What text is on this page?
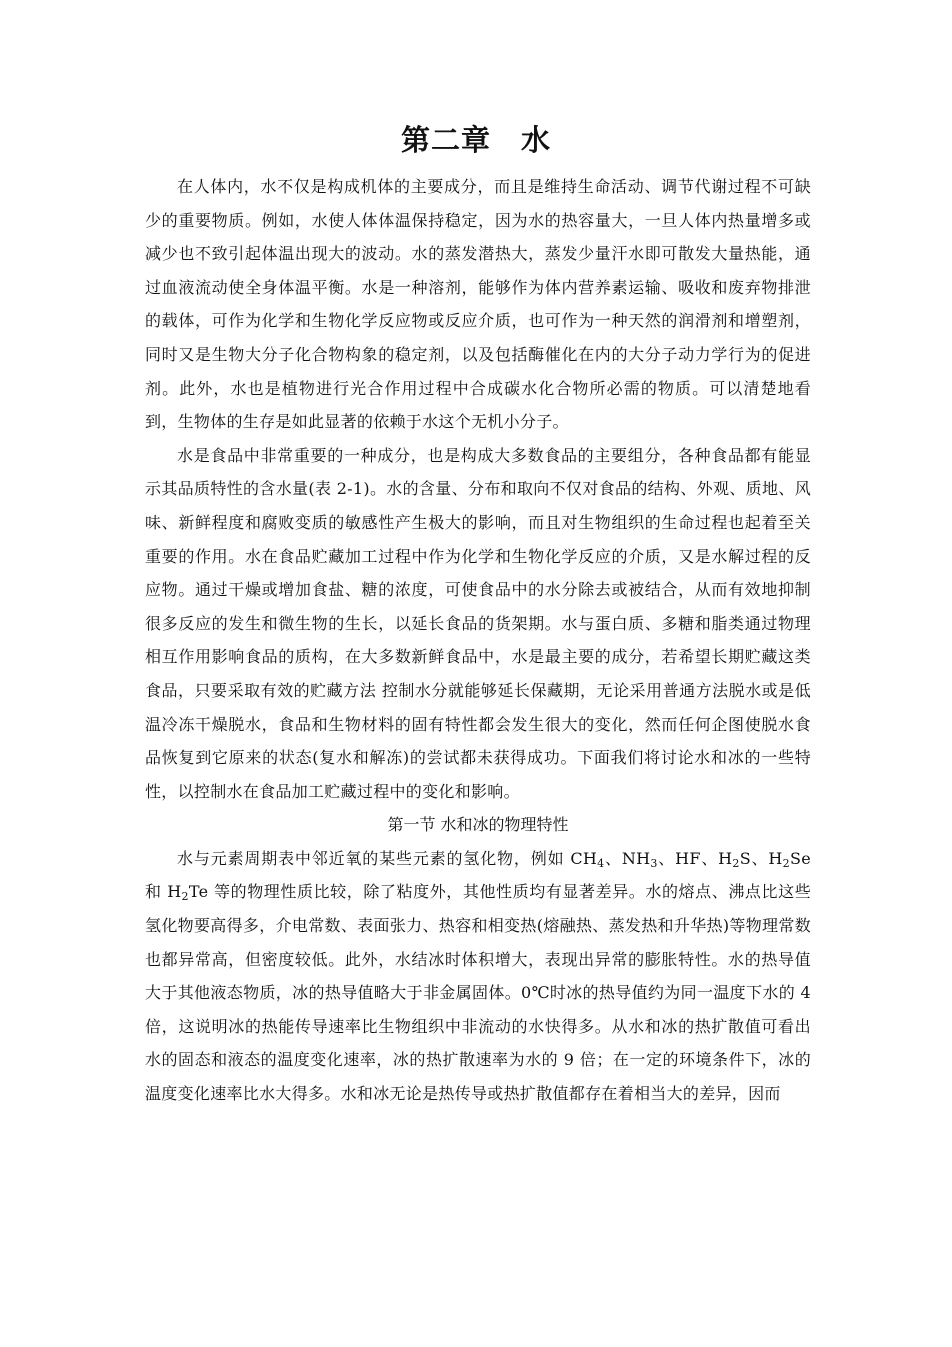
第二章　水

在人体内，水不仅是构成机体的主要成分，而且是维持生命活动、调节代谢过程不可缺少的重要物质。例如，水使人体体温保持稳定，因为水的热容量大，一旦人体内热量增多或减少也不致引起体温出现大的波动。水的蒸发潜热大，蒸发少量汗水即可散发大量热能，通过血液流动使全身体温平衡。水是一种溶剂，能够作为体内营养素运输、吸收和废弃物排泄的载体，可作为化学和生物化学反应物或反应介质，也可作为一种天然的润滑剂和增塑剂，同时又是生物大分子化合物构象的稳定剂，以及包括酶催化在内的大分子动力学行为的促进剂。此外，水也是植物进行光合作用过程中合成碳水化合物所必需的物质。可以清楚地看到，生物体的生存是如此显著的依赖于水这个无机小分子。

水是食品中非常重要的一种成分，也是构成大多数食品的主要组分，各种食品都有能显示其品质特性的含水量(表 2-1)。水的含量、分布和取向不仅对食品的结构、外观、质地、风味、新鲜程度和腐败变质的敏感性产生极大的影响，而且对生物组织的生命过程也起着至关重要的作用。水在食品贮藏加工过程中作为化学和生物化学反应的介质，又是水解过程的反应物。通过干燥或增加食盐、糖的浓度，可使食品中的水分除去或被结合，从而有效地抑制很多反应的发生和微生物的生长，以延长食品的货架期。水与蛋白质、多糖和脂类通过物理相互作用影响食品的质构，在大多数新鲜食品中，水是最主要的成分，若希望长期贮藏这类食品，只要采取有效的贮藏方法 控制水分就能够延长保藏期，无论采用普通方法脱水或是低温冷冻干燥脱水，食品和生物材料的固有特性都会发生很大的变化，然而任何企图使脱水食品恢复到它原来的状态(复水和解冻)的尝试都未获得成功。下面我们将讨论水和冰的一些特性，以控制水在食品加工贮藏过程中的变化和影响。

第一节 水和冰的物理特性

水与元素周期表中邻近氧的某些元素的氢化物，例如 $CH_4$、$NH_3$、HF、$H_2S$、$H_2Se$ 和 $H_2Te$ 等的物理性质比较，除了粘度外，其他性质均有显著差异。水的熔点、沸点比这些氢化物要高得多，介电常数、表面张力、热容和相变热(熔融热、蒸发热和升华热)等物理常数也都异常高，但密度较低。此外，水结冰时体积增大，表现出异常的膨胀特性。水的热导值大于其他液态物质，冰的热导值略大于非金属固体。0℃时冰的热导值约为同一温度下水的 4 倍，这说明冰的热能传导速率比生物组织中非流动的水快得多。从水和冰的热扩散值可看出水的固态和液态的温度变化速率，冰的热扩散速率为水的 9 倍；在一定的环境条件下，冰的温度变化速率比水大得多。水和冰无论是热传导或热扩散值都存在着相当大的差异，因而
